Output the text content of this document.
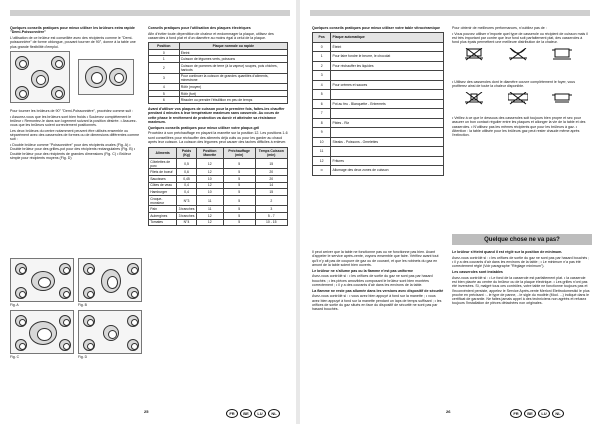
Quelques conseils pratiques pour mieux utiliser les brûleurs extra rapide "Demi-Poissonnière"

L'utilisation de ce brûleur est conseillée avec des récipients comme le "Demi-poissonnière" de forme oblongue, pouvant tourner de 90°, donne à la table une plus grande flexibilité d'emploi.

Pour tourner les brûleurs de 90° "Demi-Poissonnière", procédez comme suit :

• Assurez-vous que les brûleurs sont bien froids • Soulevez complètement le brûleur • Remontez-le dans son logement suivant la position désirée. • Assurez-vous que les brûleurs soient correctement positionnés.

Les deux brûleurs du centre notamment peuvent être utilisés ensemble ou séparément avec des casseroles de formes ou de dimensions différentes comme suit :

• Double brûleur comme "Poissonnière" pour des récipients ovales (Fig. A) • Double brûleur pour des grilles-pot pour des récipients rectangulaires (Fig. B) • Double brûleur pour des récipients de grandes dimensions (Fig. C) • Brûleur simple pour récipients moyens (Fig. D)

Fig. A	Fig. B
Fig. C	Fig. D

Conseils pratiques pour l'utilisation des plaques électriques

Afin d'éviter toute déperdition de chaleur et endommager la plaque, utilisez des casseroles à fond plat et d'un diamètre au moins égal à celui de la plaque.

Position	Plaque normale ou rapide
0	Éteint
1	Cuisson de légumes verts, poissons
2	Cuisson de pommes de terre (à la vapeur) soupes, pois chiches, haricots
3	Pour continuer la cuisson de grandes quantités d'aliments, minestrone
4	Rôtir (moyen)
5	Rôtir (fort)
6	Rissoler ou prendre l'ébullition en peu de temps

Avant d'utiliser vos plaques de cuisson pour la première fois, faites-les chauffer pendant 4 minutes à leur température maximum sans casserole. Au cours de cette phase le revêtement de protection va durcir et atteindre sa résistance maximum.

Quelques conseils pratiques pour mieux utiliser votre plaque-gril

Procédez à son préchauffage en plaçant la manette sur la position 12. Les positions 1-6 sont conseillées pour réchauffer des aliments déjà cuits ou pour les garder au chaud après leur cuisson. La cuisson des légumes peut causer des taches difficiles à enlever.

Aliments	Poids (Kg)	Position Manette	Préchauffage (min)	Temps Cuisson (min)
Côtelettes de porc	0,5	12	5	15
Filets de boeuf	0,6	12	5	20
Saucisses	0,45	10	5	20
Côtes de veau	0,4	12	5	14
Hamburger	0,4	10	5	15
Croque-monsieur	N°3	11	5	2
Pain	3 tranches	11	5	3
Aubergines	3 tranches	12	5	5 - 7
Tomates	N°4	12	5	10 - 15
25	FR	BE	LU	NL

Quelques conseils pratiques pour mieux utiliser votre table vitrocéramique

Pos	Plaque automatique
0	Éteint
1	Pour faire fondre le beurre, le chocolat
2	Pour réchauffer les liquides
3	
4	Pour crèmes et sauces
5	
6	Pot au feu - Blanquette - Entremets
7	
8	Pâtes - Riz
9	
10	Steaks - Poissons - Omelettes
11	
12	Fritures
∞	Allumage des deux zones de cuisson

Pour obtenir de meilleures performances, n'oubliez pas de :

• Vous pouvez utiliser n'importe quel type de casserole ou récipient de cuisson mais il est très important par contre que leur fond soit parfaitement plat, des casseroles à fond plus épais permettent une meilleure distribution de la chaleur.

• Utilisez des casseroles dont le diamètre couvre complètement le foyer, vous profiterez ainsi de toute la chaleur disponible.

• Veillez à ce que le dessous des casseroles soit toujours bien propre et sec pour assurer un bon contact régulier entre les plaques et allonger la vie de la table et des casseroles. • N'utilisez pas les mêmes récipients que pour les brûleurs à gaz. • Attention : la table utilisée pour les brûleurs gaz peut rester chaude même après l'extinction.

Quelque chose ne va pas?

Il peut arriver que la table ne fonctionne pas ou ne fonctionne pas bien. Avant d'appeler le service après-vente, voyons ensemble que faire. Vérifiez avant tout qu'il n'y ait pas de coupure de gaz ou de courant, et que les robinets du gaz en amont de la table soient bien ouverts.

Le brûleur ne s'allume pas ou la flamme n'est pas uniforme

Avez-vous contrôlé si : • les orifices de sortie du gaz ne sont pas par hasard bouchés ; • les pièces amovibles composant le brûleur sont bien montées correctement ; • il y a des courants d'air dans les environs de la table.

La flamme ne reste pas allumée dans les versions avec dispositif de sécurité

Avez-vous contrôlé si : • vous avez bien appuyé à fond sur la manette ; • vous avez bien appuyé à fond sur la manette pendant un laps de temps suffisant ; • les orifices de sortie du gaz situés en face du dispositif de sécurité ne sont pas par hasard bouchés.

Le brûleur s'éteint quand il est réglé sur la position de minimum.

Avez-vous contrôlé si : • les orifices de sortie du gaz ne sont pas par hasard bouchés ; • il y a des courants d'air dans les environs de la table ; • Le minimum n'a pas été correctement réglé (Voir paragraphe "Réglage minimum").

Les casseroles sont instables

Avez-vous contrôlé si : • Le fond de la casserole est parfaitement plat. • la casserole est bien placée au centre du brûleur ou de la plaque électrique. • Les grilles n'ont pas été inversées. Si, malgré tous ces contrôles, votre table ne fonctionne toujours pas et l'inconvénient persiste, appelez le Service Après-vente Merloni Elettrodomestici le plus proche en précisant : - le type de panne, - le sigle du modèle (Mod. ...) indiqué dans le certificat de garantie. Ne faites jamais appel à des techniciens non agréés et refusez toujours l'installation de pièces détachées non originales.

26	FR	BE	LU	NL
